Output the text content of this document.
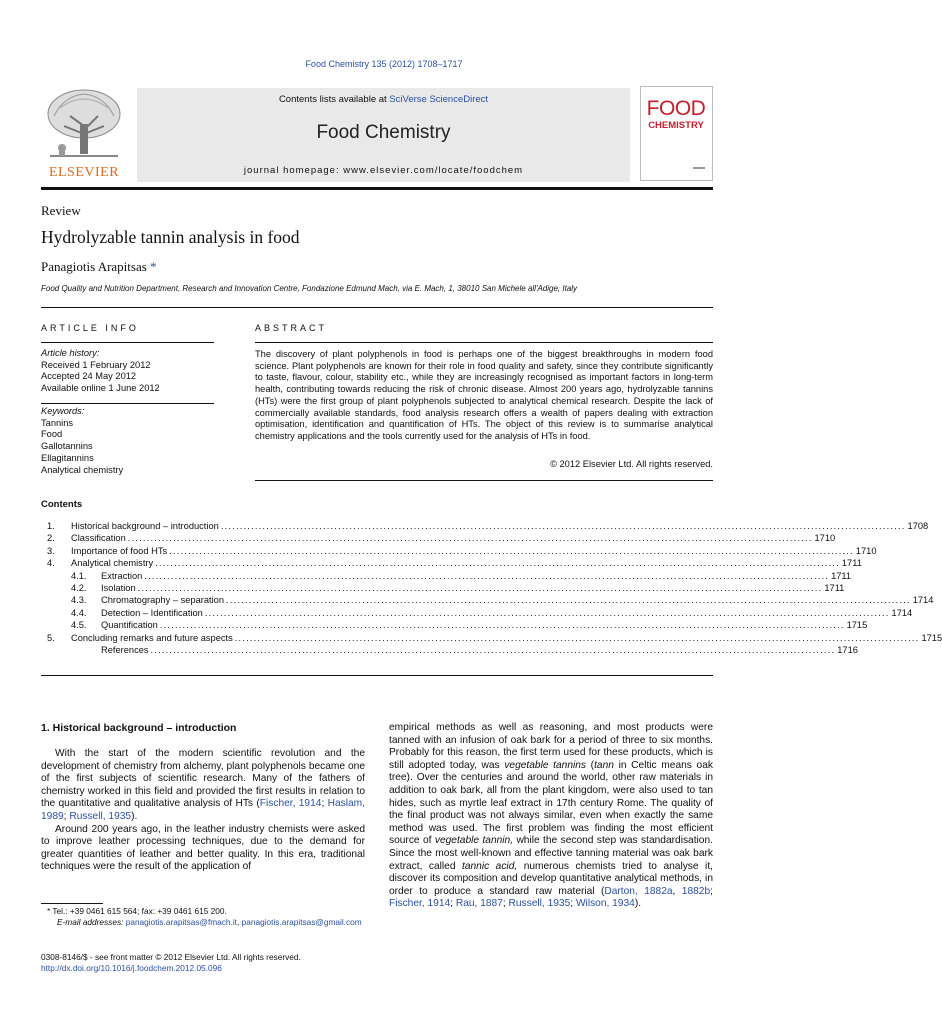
Food Chemistry 135 (2012) 1708–1717
ELSEVIER
Contents lists available at SciVerse ScienceDirect
Food Chemistry
journal homepage: www.elsevier.com/locate/foodchem
FOOD
CHEMISTRY
Review
Hydrolyzable tannin analysis in food
Panagiotis Arapitsas *
Food Quality and Nutrition Department, Research and Innovation Centre, Fondazione Edmund Mach, via E. Mach, 1, 38010 San Michele all'Adige, Italy
ARTICLE INFO
Article history:
Received 1 February 2012
Accepted 24 May 2012
Available online 1 June 2012
Keywords:
Tannins
Food
Gallotannins
Ellagitannins
Analytical chemistry
ABSTRACT
The discovery of plant polyphenols in food is perhaps one of the biggest breakthroughs in modern food science. Plant polyphenols are known for their role in food quality and safety, since they contribute significantly to taste, flavour, colour, stability etc., while they are increasingly recognised as important factors in long-term health, contributing towards reducing the risk of chronic disease. Almost 200 years ago, hydrolyzable tannins (HTs) were the first group of plant polyphenols subjected to analytical chemical research. Despite the lack of commercially available standards, food analysis research offers a wealth of papers dealing with extraction optimisation, identification and quantification of HTs. The object of this review is to summarise analytical chemistry applications and the tools currently used for the analysis of HTs in food.
© 2012 Elsevier Ltd. All rights reserved.
Contents
1.	Historical background – introduction ..................................................................................................................................................................................... 1708
2.	Classification ..................................................................................................................................................................................... 1710
3.	Importance of food HTs ..................................................................................................................................................................................... 1710
4.	Analytical chemistry ..................................................................................................................................................................................... 1711
4.1.	Extraction ..................................................................................................................................................................................... 1711
4.2.	Isolation ..................................................................................................................................................................................... 1711
4.3.	Chromatography – separation ..................................................................................................................................................................................... 1714
4.4.	Detection – Identification ..................................................................................................................................................................................... 1714
4.5.	Quantification ..................................................................................................................................................................................... 1715
5.	Concluding remarks and future aspects ..................................................................................................................................................................................... 1715
References ..................................................................................................................................................................................... 1716
1. Historical background – introduction

With the start of the modern scientific revolution and the development of chemistry from alchemy, plant polyphenols became one of the first subjects of scientific research. Many of the fathers of chemistry worked in this field and provided the first results in relation to the quantitative and qualitative analysis of HTs (Fischer, 1914; Haslam, 1989; Russell, 1935).

Around 200 years ago, in the leather industry chemists were asked to improve leather processing techniques, due to the demand for greater quantities of leather and better quality. In this era, traditional techniques were the result of the application of

* Tel.: +39 0461 615 564; fax: +39 0461 615 200.
E-mail addresses: panagiotis.arapitsas@fmach.it, panagiotis.arapitsas@gmail.com
0308-8146/$ - see front matter © 2012 Elsevier Ltd. All rights reserved.
http://dx.doi.org/10.1016/j.foodchem.2012.05.096
empirical methods as well as reasoning, and most products were tanned with an infusion of oak bark for a period of three to six months. Probably for this reason, the first term used for these products, which is still adopted today, was vegetable tannins (tann in Celtic means oak tree). Over the centuries and around the world, other raw materials in addition to oak bark, all from the plant kingdom, were also used to tan hides, such as myrtle leaf extract in 17th century Rome. The quality of the final product was not always similar, even when exactly the same method was used. The first problem was finding the most efficient source of vegetable tannin, while the second step was standardisation. Since the most well-known and effective tanning material was oak bark extract, called tannic acid, numerous chemists tried to analyse it, discover its composition and develop quantitative analytical methods, in order to produce a standard raw material (Darton, 1882a, 1882b; Fischer, 1914; Rau, 1887; Russell, 1935; Wilson, 1934).
